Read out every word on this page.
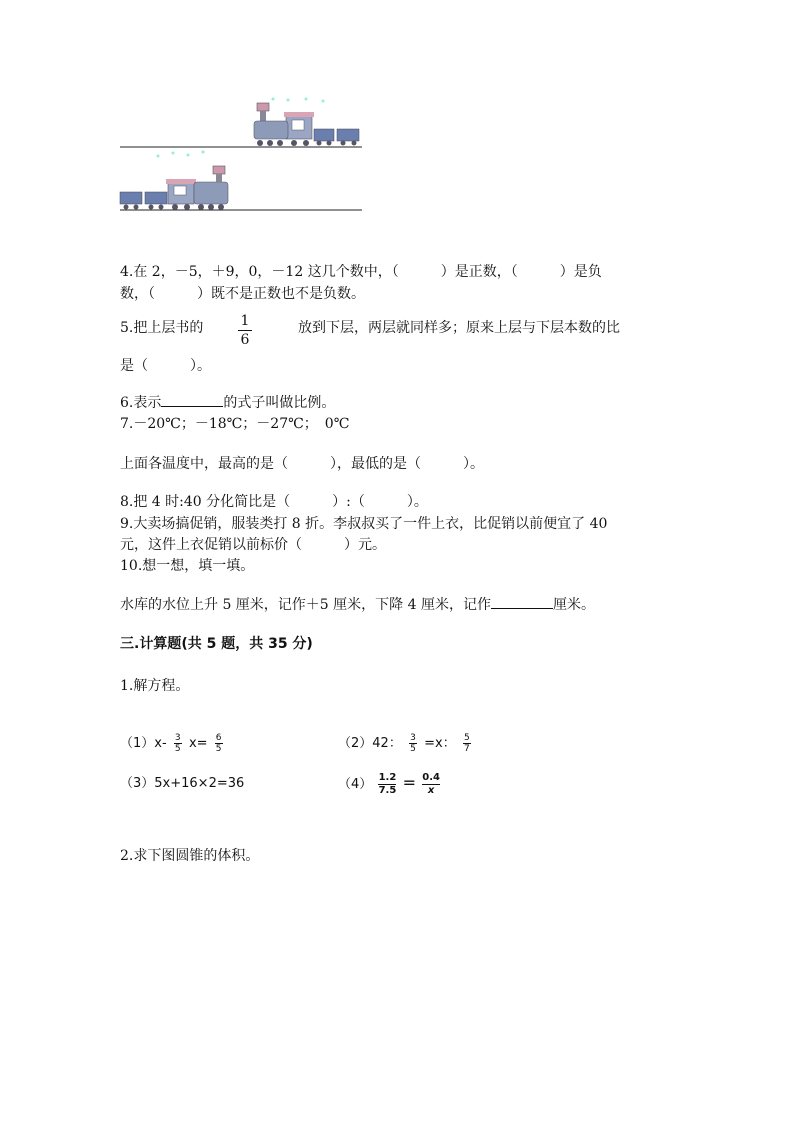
4.在 2，－5，＋9，0，－12 这几个数中，（　　　）是正数，（　　　）是负
数，（　　　）既不是正数也不是负数。
5.把上层书的	1
6
放到下层，两层就同样多；原来上层与下层本数的比
是（　　　）。
6.表示	的式子叫做比例。
7.－20℃；－18℃；－27℃；　0℃
上面各温度中，最高的是（　　　），最低的是（　　　）。
8.把 4 时:40 分化简比是（　　　）:（　　　）。
9.大卖场搞促销，服装类打 8 折。李叔叔买了一件上衣，比促销以前便宜了 40
元，这件上衣促销以前标价（　　　）元。
10.想一想，填一填。
水库的水位上升 5 厘米，记作＋5 厘米，下降 4 厘米，记作	厘米。
三.计算题(共 5 题，共 35 分)
1.解方程。
$(1)x- \frac{3}{5} x= \frac{6}{5}$	（2）42： $\frac{3}{5} =x$： $\frac{5}{7}$
（3）5x+16×2=36	$(4) \frac{1.2}{7.5} = \frac{0.4}{x}$
2.求下图圆锥的体积。
